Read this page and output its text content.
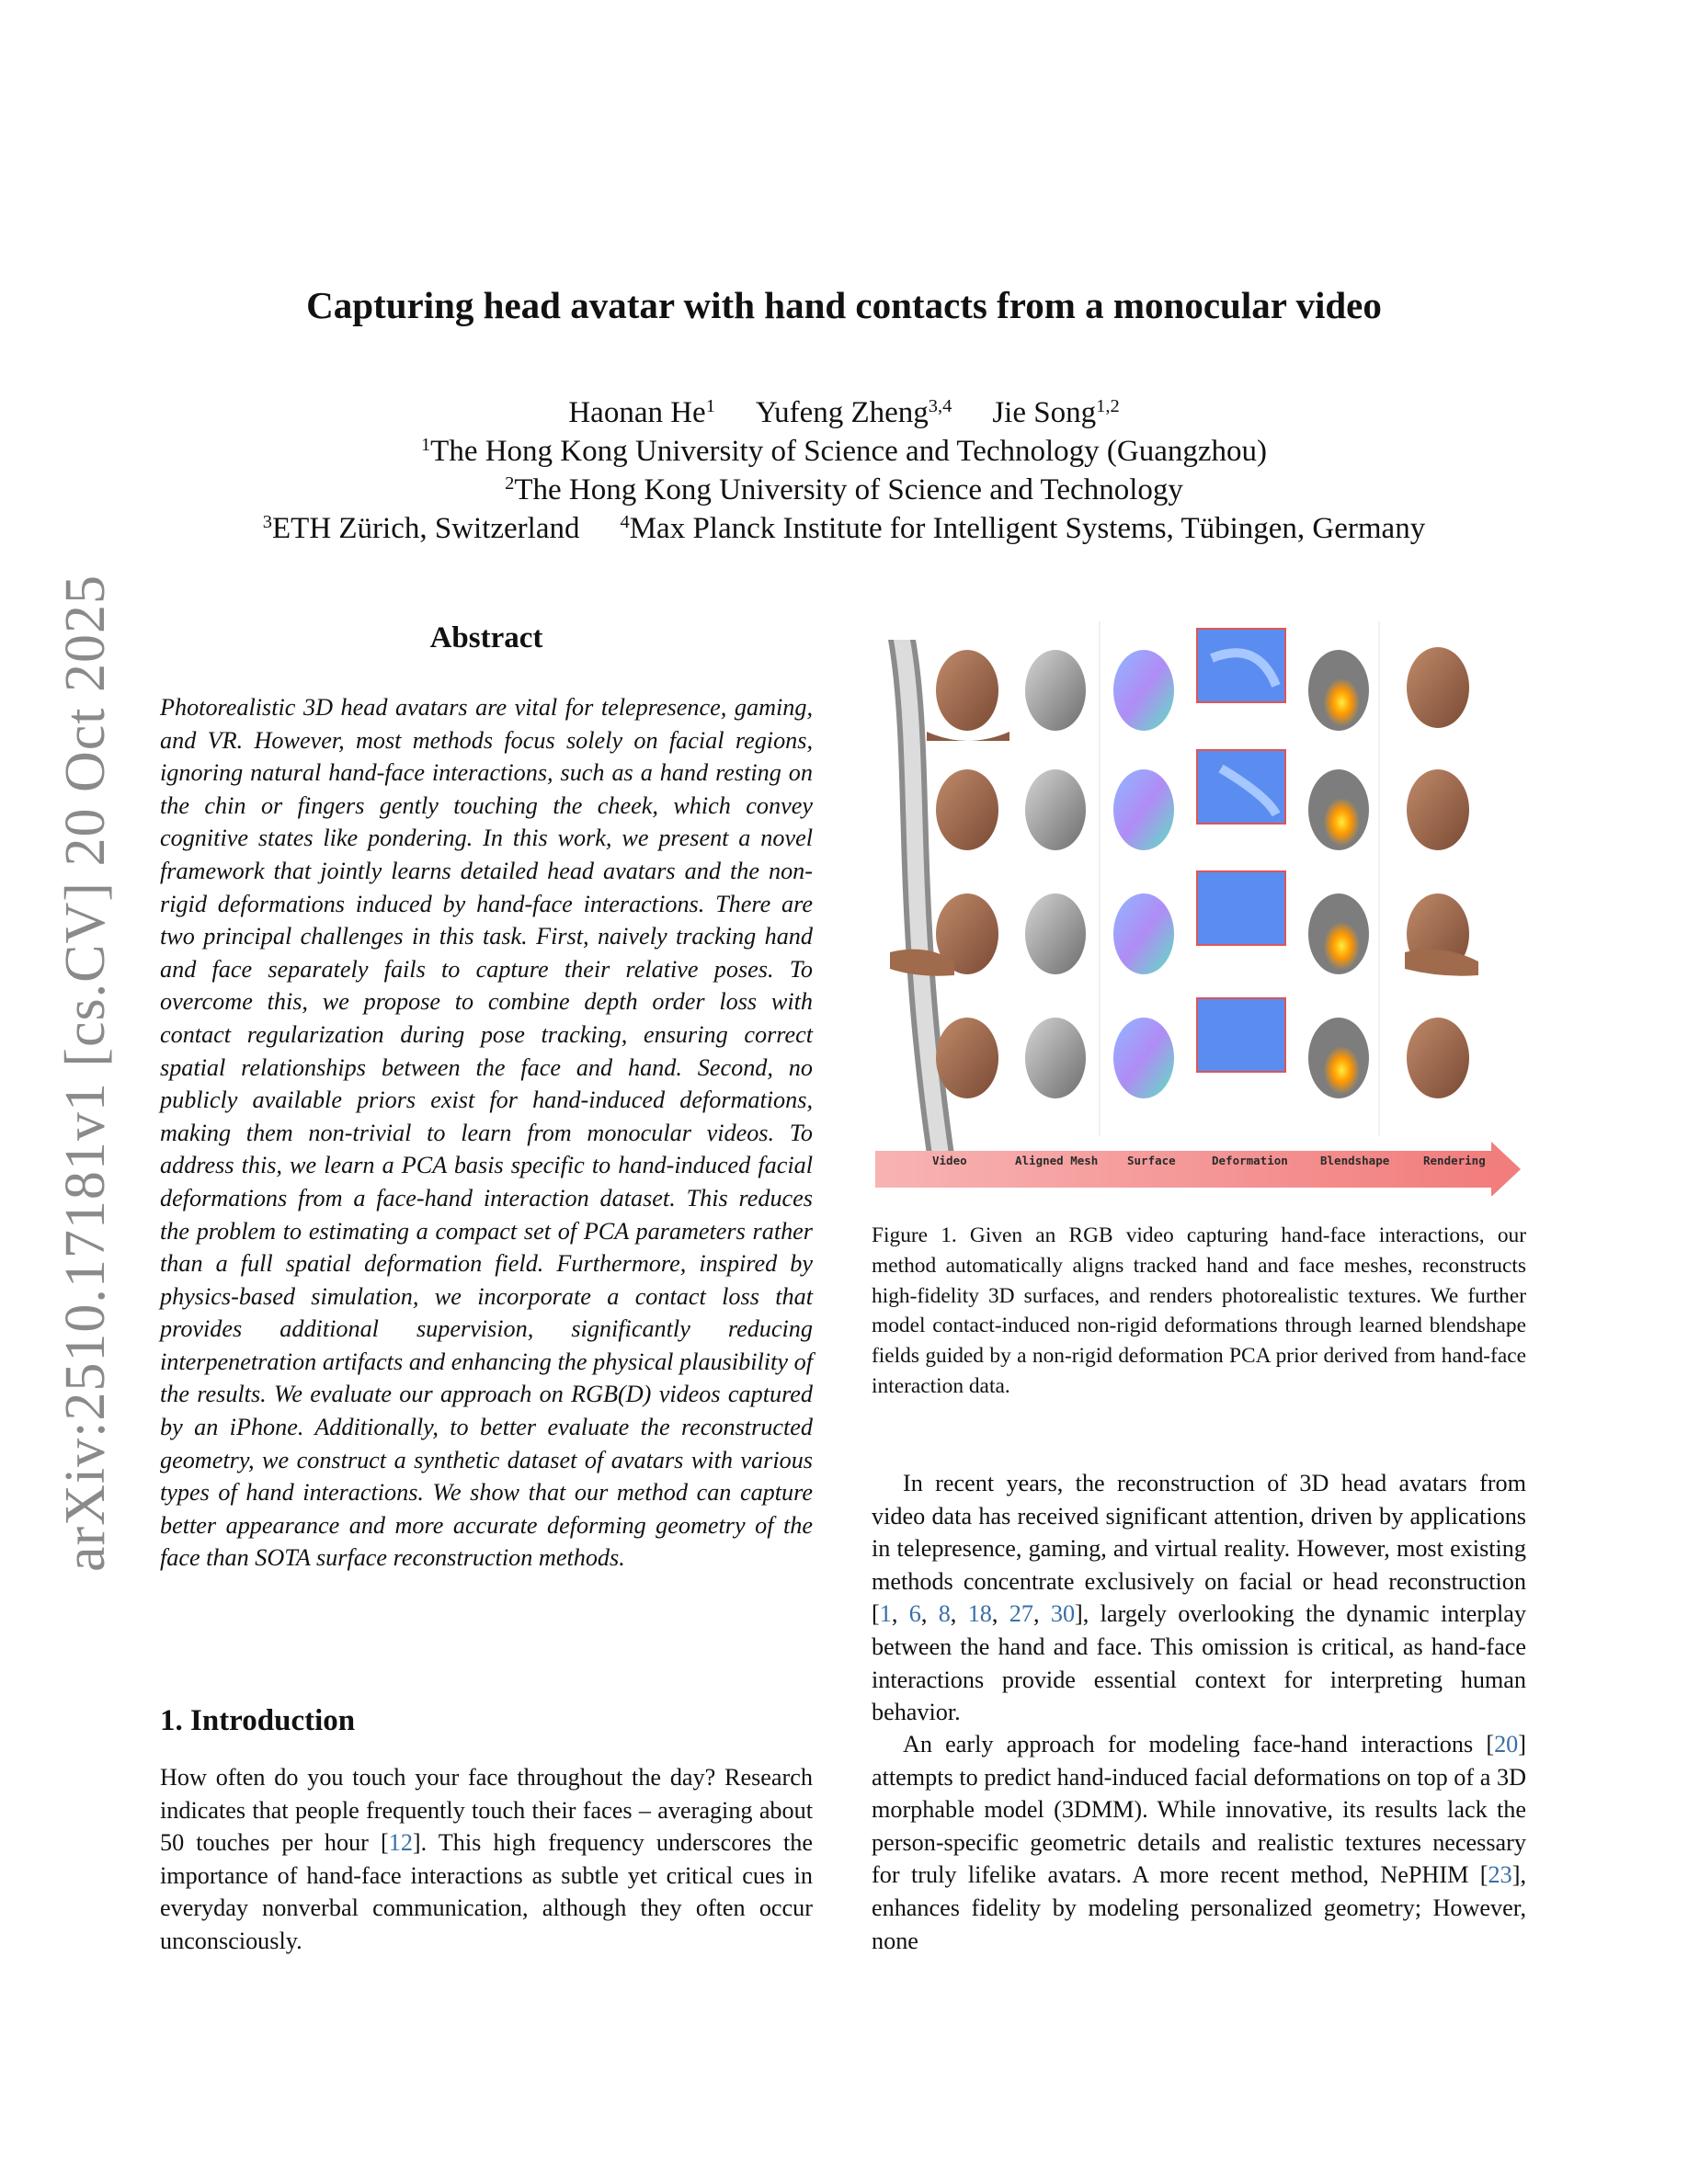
Capturing head avatar with hand contacts from a monocular video
Haonan He$^1$ Yufeng Zheng$^{3,4}$ Jie Song$^{1,2}$
$^1$The Hong Kong University of Science and Technology (Guangzhou)
$^2$The Hong Kong University of Science and Technology
$^3$ETH Zürich, Switzerland $^4$Max Planck Institute for Intelligent Systems, Tübingen, Germany
arXiv:2510.17181v1 [cs.CV] 20 Oct 2025	Abstract
Photorealistic 3D head avatars are vital for telepresence, gaming, and VR. However, most methods focus solely on facial regions, ignoring natural hand-face interactions, such as a hand resting on the chin or fingers gently touching the cheek, which convey cognitive states like pondering. In this work, we present a novel framework that jointly learns detailed head avatars and the non-rigid deformations induced by hand-face interactions. There are two principal challenges in this task. First, naively tracking hand and face separately fails to capture their relative poses. To overcome this, we propose to combine depth order loss with contact regularization during pose tracking, ensuring correct spatial relationships between the face and hand. Second, no publicly available priors exist for hand-induced deformations, making them non-trivial to learn from monocular videos. To address this, we learn a PCA basis specific to hand-induced facial deformations from a face-hand interaction dataset. This reduces the problem to estimating a compact set of PCA parameters rather than a full spatial deformation field. Furthermore, inspired by physics-based simulation, we incorporate a contact loss that provides additional supervision, significantly reducing interpenetration artifacts and enhancing the physical plausibility of the results. We evaluate our approach on RGB(D) videos captured by an iPhone. Additionally, to better evaluate the reconstructed geometry, we construct a synthetic dataset of avatars with various types of hand interactions. We show that our method can capture better appearance and more accurate deforming geometry of the face than SOTA surface reconstruction methods.
1. Introduction
How often do you touch your face throughout the day? Research indicates that people frequently touch their faces – averaging about 50 touches per hour [12]. This high frequency underscores the importance of hand-face interactions as subtle yet critical cues in everyday nonverbal communication, although they often occur unconsciously.
Video	Aligned Mesh	Surface	Deformation	Blendshape	Rendering
Figure 1. Given an RGB video capturing hand-face interactions, our method automatically aligns tracked hand and face meshes, reconstructs high-fidelity 3D surfaces, and renders photorealistic textures. We further model contact-induced non-rigid deformations through learned blendshape fields guided by a non-rigid deformation PCA prior derived from hand-face interaction data.
In recent years, the reconstruction of 3D head avatars from video data has received significant attention, driven by applications in telepresence, gaming, and virtual reality. However, most existing methods concentrate exclusively on facial or head reconstruction [1, 6, 8, 18, 27, 30], largely overlooking the dynamic interplay between the hand and face. This omission is critical, as hand-face interactions provide essential context for interpreting human behavior.
An early approach for modeling face-hand interactions [20] attempts to predict hand-induced facial deformations on top of a 3D morphable model (3DMM). While innovative, its results lack the person-specific geometric details and realistic textures necessary for truly lifelike avatars. A more recent method, NePHIM [23], enhances fidelity by modeling personalized geometry; However, none
